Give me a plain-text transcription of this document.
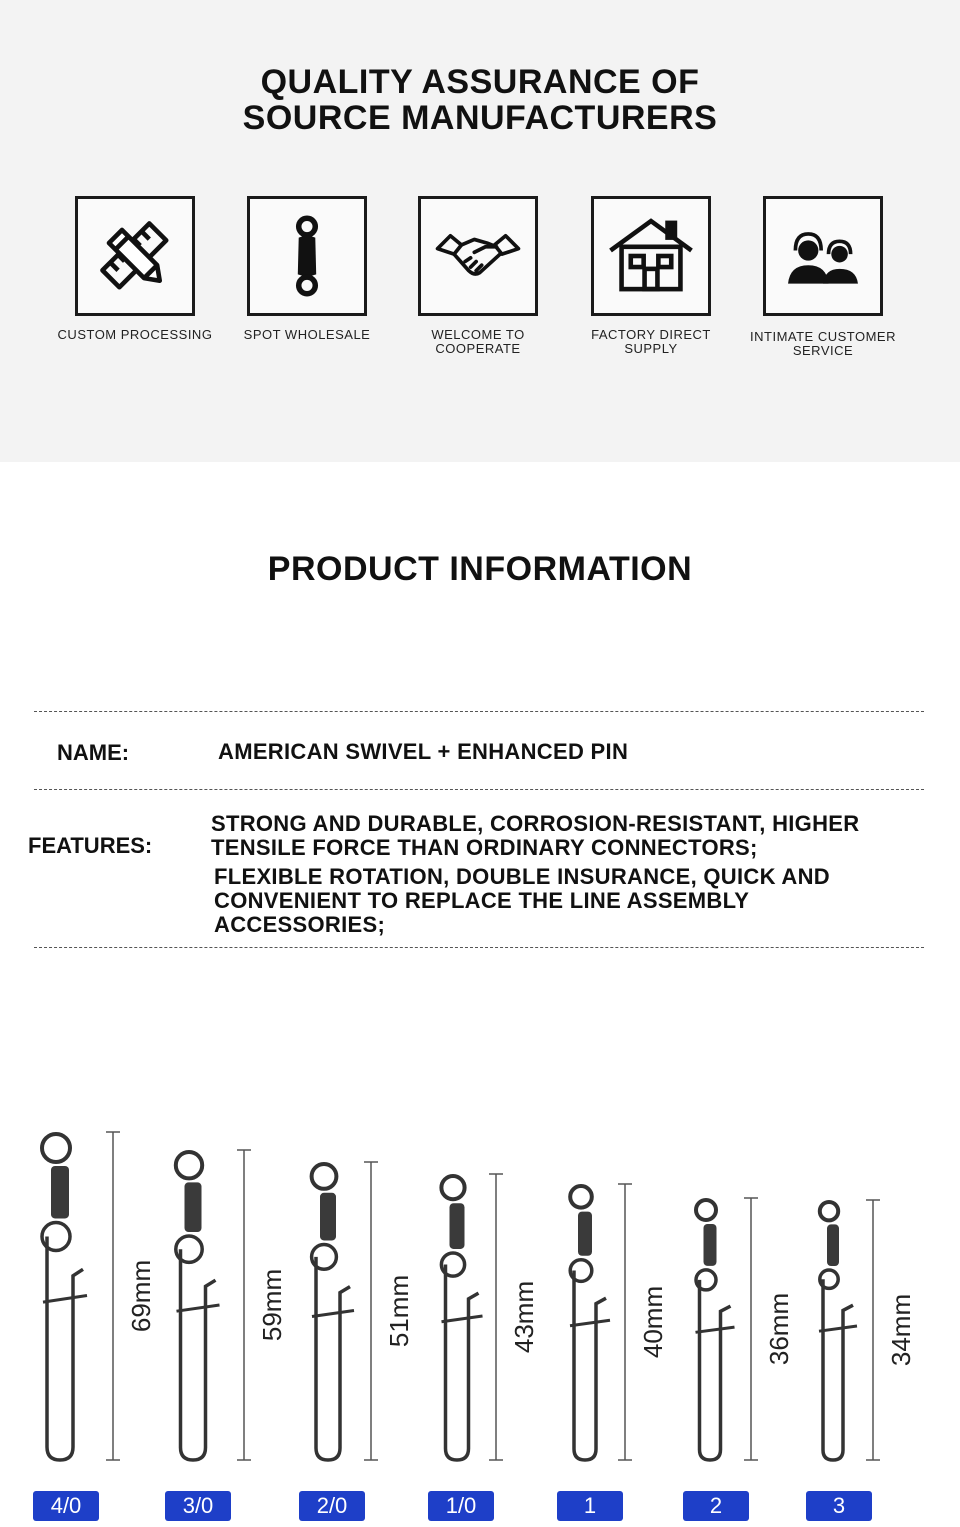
QUALITY ASSURANCE OF
SOURCE MANUFACTURERS
CUSTOM PROCESSING	SPOT WHOLESALE	WELCOME TO COOPERATE
FACTORY DIRECT
SUPPLY
INTIMATE CUSTOMER
SERVICE
PRODUCT INFORMATION
NAME:	AMERICAN SWIVEL + ENHANCED PIN
FEATURES:
STRONG AND DURABLE, CORROSION-RESISTANT, HIGHER
TENSILE FORCE THAN ORDINARY CONNECTORS;
FLEXIBLE ROTATION, DOUBLE INSURANCE, QUICK AND
CONVENIENT TO REPLACE THE LINE ASSEMBLY
ACCESSORIES;
69mm	59mm	51mm	43mm	40mm	36mm	34mm
4/0	3/0	2/0	1/0	1	2	3
